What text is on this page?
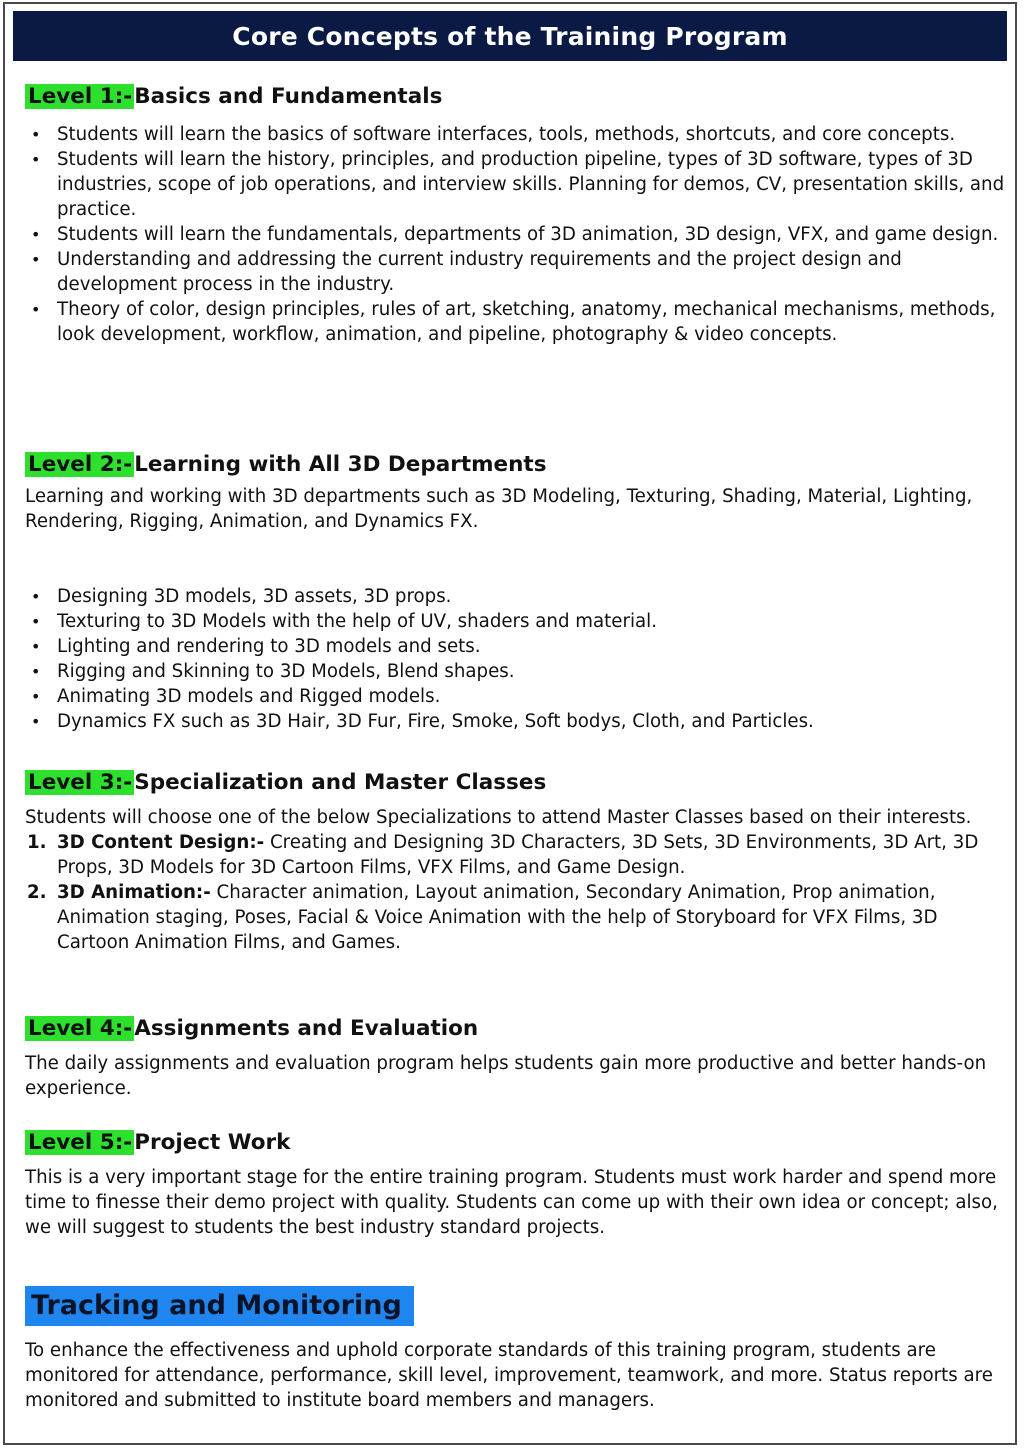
Core Concepts of the Training Program
Level 1:-Basics and Fundamentals
• Students will learn the basics of software interfaces, tools, methods, shortcuts, and core concepts.
• Students will learn the history, principles, and production pipeline, types of 3D software, types of 3D industries, scope of job operations, and interview skills. Planning for demos, CV, presentation skills, and practice.
• Students will learn the fundamentals, departments of 3D animation, 3D design, VFX, and game design.
• Understanding and addressing the current industry requirements and the project design and development process in the industry.
• Theory of color, design principles, rules of art, sketching, anatomy, mechanical mechanisms, methods, look development, workflow, animation, and pipeline, photography & video concepts.
Level 2:-Learning with All 3D Departments

Learning and working with 3D departments such as 3D Modeling, Texturing, Shading, Material, Lighting, Rendering, Rigging, Animation, and Dynamics FX.

• Designing 3D models, 3D assets, 3D props.
• Texturing to 3D Models with the help of UV, shaders and material.
• Lighting and rendering to 3D models and sets.
• Rigging and Skinning to 3D Models, Blend shapes.
• Animating 3D models and Rigged models.
• Dynamics FX such as 3D Hair, 3D Fur, Fire, Smoke, Soft bodys, Cloth, and Particles.
Level 3:-Specialization and Master Classes

Students will choose one of the below Specializations to attend Master Classes based on their interests.

1. 3D Content Design:- Creating and Designing 3D Characters, 3D Sets, 3D Environments, 3D Art, 3D Props, 3D Models for 3D Cartoon Films, VFX Films, and Game Design.
2. 3D Animation:- Character animation, Layout animation, Secondary Animation, Prop animation, Animation staging, Poses, Facial & Voice Animation with the help of Storyboard for VFX Films, 3D Cartoon Animation Films, and Games.
Level 4:-Assignments and Evaluation

The daily assignments and evaluation program helps students gain more productive and better hands-on experience.

Level 5:-Project Work

This is a very important stage for the entire training program. Students must work harder and spend more time to finesse their demo project with quality. Students can come up with their own idea or concept; also, we will suggest to students the best industry standard projects.

Tracking and Monitoring

To enhance the effectiveness and uphold corporate standards of this training program, students are monitored for attendance, performance, skill level, improvement, teamwork, and more. Status reports are monitored and submitted to institute board members and managers.
